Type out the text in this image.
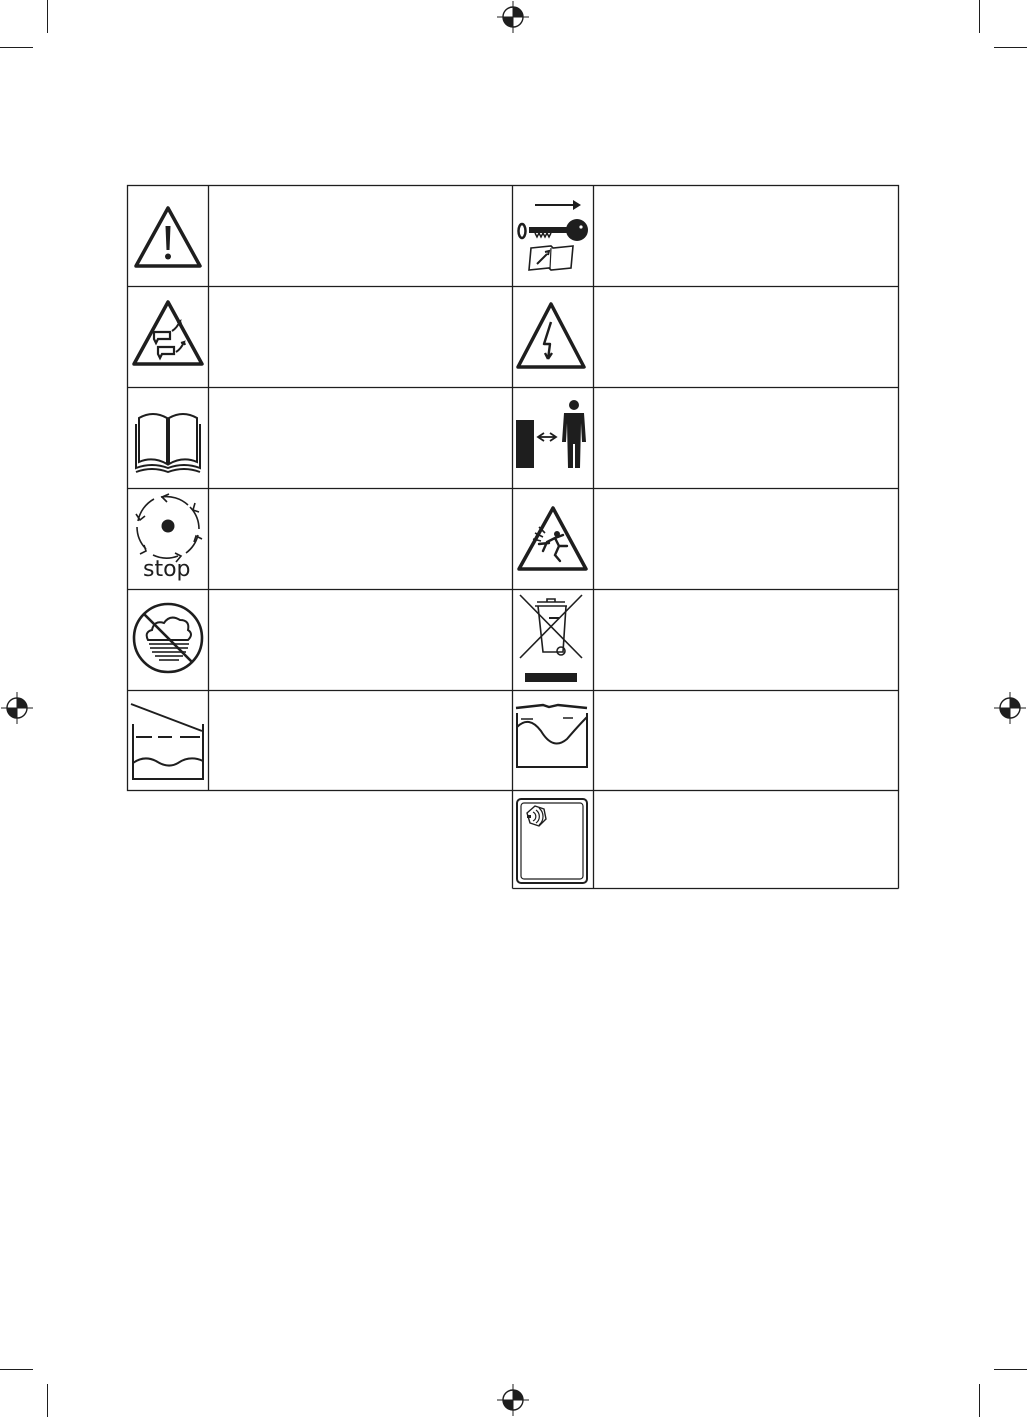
stop
